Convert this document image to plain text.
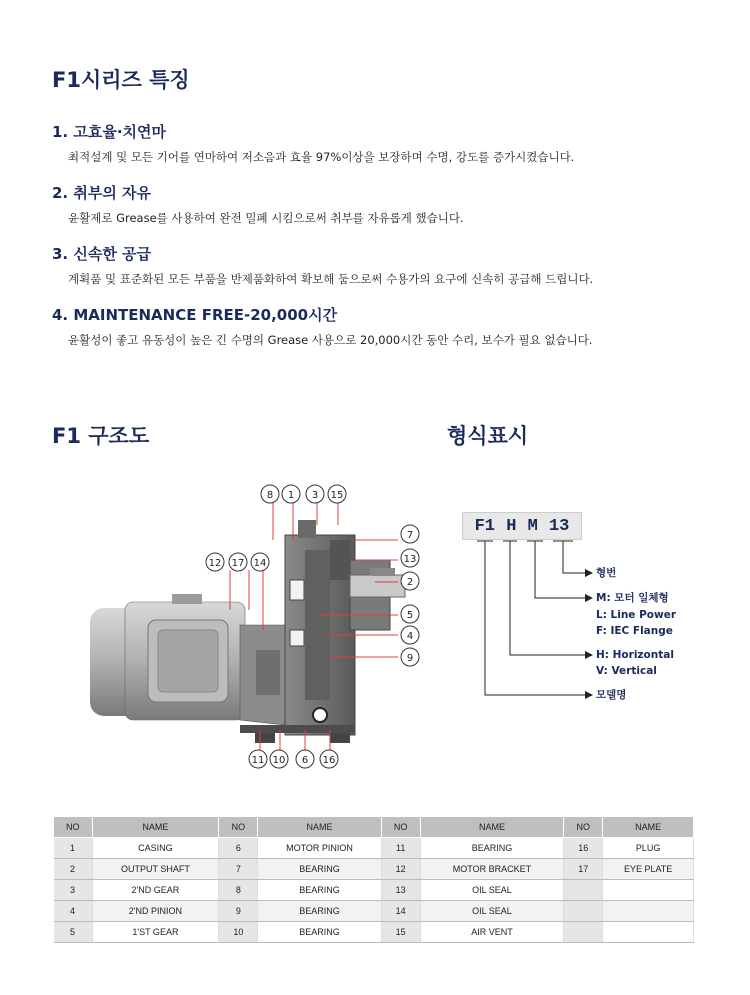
F1시리즈 특징
1. 고효율·치연마
최적설계 및 모든 기어를 연마하여 저소음과 효율 97%이상을 보장하며 수명, 강도를 증가시켰습니다.
2. 취부의 자유
윤활제로 Grease를 사용하여 완전 밀폐 시킴으로써 취부를 자유롭게 했습니다.
3. 신속한 공급
계획품 및 표준화된 모든 부품을 반제품화하여 확보해 둠으로써 수용가의 요구에 신속히 공급해 드립니다.
4. MAINTENANCE FREE-20,000시간
윤활성이 좋고 유동성이 높은 긴 수명의 Grease 사용으로 20,000시간 동안 수리, 보수가 필요 없습니다.
F1 구조도	형식표시
8 1 3 15
12 17 14
7
13
2
5
4
9
11 10 6 16
F1 H M 13
형번
M: 모터 일체형
L: Line Power
F: IEC Flange
H: Horizontal
V: Vertical
모델명
NO	NAME	NO	NAME	NO	NAME	NO	NAME
1	CASING	6	MOTOR PINION	11	BEARING	16	PLUG
2	OUTPUT SHAFT	7	BEARING	12	MOTOR BRACKET	17	EYE PLATE
3	2'ND GEAR	8	BEARING	13	OIL SEAL		
4	2'ND PINION	9	BEARING	14	OIL SEAL		
5	1'ST GEAR	10	BEARING	15	AIR VENT		
